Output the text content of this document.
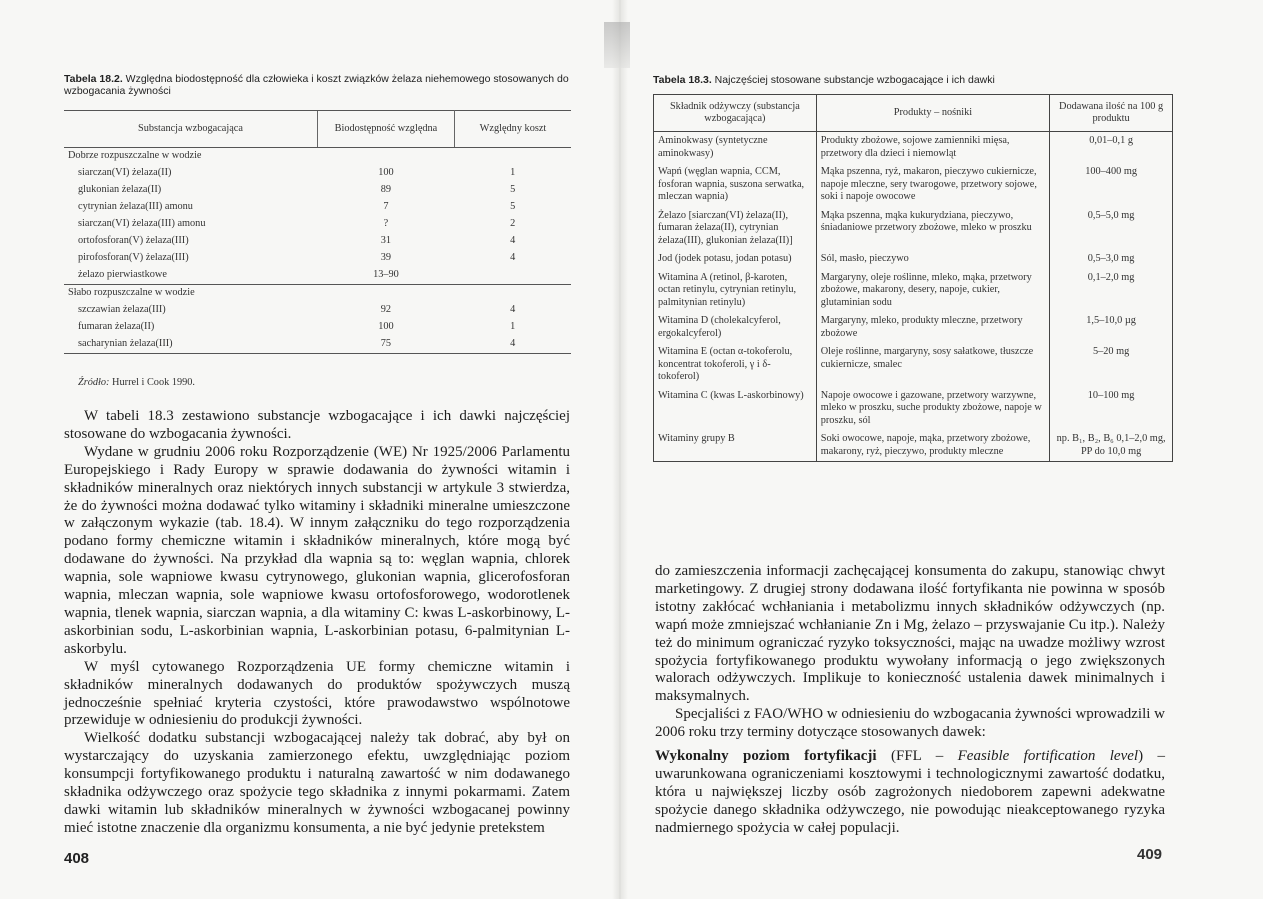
Tabela 18.2. Względna biodostępność dla człowieka i koszt związków żelaza niehemowego stosowanych do wzbogacania żywności
Substancja wzbogacająca	Biodostępność względna	Względny koszt
Dobrze rozpuszczalne w wodzie		
siarczan(VI) żelaza(II)	100	1
glukonian żelaza(II)	89	5
cytrynian żelaza(III) amonu	7	5
siarczan(VI) żelaza(III) amonu	?	2
ortofosforan(V) żelaza(III)	31	4
pirofosforan(V) żelaza(III)	39	4
żelazo pierwiastkowe	13–90	
Słabo rozpuszczalne w wodzie		
szczawian żelaza(III)	92	4
fumaran żelaza(II)	100	1
sacharynian żelaza(III)	75	4
Źródło: Hurrel i Cook 1990.

W tabeli 18.3 zestawiono substancje wzbogacające i ich dawki najczęściej stosowane do wzbogacania żywności.

Wydane w grudniu 2006 roku Rozporządzenie (WE) Nr 1925/2006 Parlamentu Europejskiego i Rady Europy w sprawie dodawania do żywności witamin i składników mineralnych oraz niektórych innych substancji w artykule 3 stwierdza, że do żywności można dodawać tylko witaminy i składniki mineralne umieszczone w załączonym wykazie (tab. 18.4). W innym załączniku do tego rozporządzenia podano formy chemiczne witamin i składników mineralnych, które mogą być dodawane do żywności. Na przykład dla wapnia są to: węglan wapnia, chlorek wapnia, sole wapniowe kwasu cytrynowego, glukonian wapnia, glicerofosforan wapnia, mleczan wapnia, sole wapniowe kwasu ortofosforowego, wodorotlenek wapnia, tlenek wapnia, siarczan wapnia, a dla witaminy C: kwas L-askorbinowy, L-askorbinian sodu, L-askorbinian wapnia, L-askorbinian potasu, 6-palmitynian L-askorbylu.

W myśl cytowanego Rozporządzenia UE formy chemiczne witamin i składników mineralnych dodawanych do produktów spożywczych muszą jednocześnie spełniać kryteria czystości, które prawodawstwo wspólnotowe przewiduje w odniesieniu do produkcji żywności.

Wielkość dodatku substancji wzbogacającej należy tak dobrać, aby był on wystarczający do uzyskania zamierzonego efektu, uwzględniając poziom konsumpcji fortyfikowanego produktu i naturalną zawartość w nim dodawanego składnika odżywczego oraz spożycie tego składnika z innymi pokarmami. Zatem dawki witamin lub składników mineralnych w żywności wzbogacanej powinny mieć istotne znaczenie dla organizmu konsumenta, a nie być jedynie pretekstem

408
Tabela 18.3. Najczęściej stosowane substancje wzbogacające i ich dawki
Składnik odżywczy (substancja wzbogacająca)	Produkty – nośniki	Dodawana ilość na 100 g produktu
Aminokwasy (syntetyczne aminokwasy)	Produkty zbożowe, sojowe zamienniki mięsa, przetwory dla dzieci i niemowląt	0,01–0,1 g
Wapń (węglan wapnia, CCM, fosforan wapnia, suszona serwatka, mleczan wapnia)	Mąka pszenna, ryż, makaron, pieczywo cukiernicze, napoje mleczne, sery twarogowe, przetwory sojowe, soki i napoje owocowe	100–400 mg
Żelazo [siarczan(VI) żelaza(II), fumaran żelaza(II), cytrynian żelaza(III), glukonian żelaza(II)]	Mąka pszenna, mąka kukurydziana, pieczywo, śniadaniowe przetwory zbożowe, mleko w proszku	0,5–5,0 mg
Jod (jodek potasu, jodan potasu)	Sól, masło, pieczywo	0,5–3,0 mg
Witamina A (retinol, β-karoten, octan retinylu, cytrynian retinylu, palmitynian retinylu)	Margaryny, oleje roślinne, mleko, mąka, przetwory zbożowe, makarony, desery, napoje, cukier, glutaminian sodu	0,1–2,0 mg
Witamina D (cholekalcyferol, ergokalcyferol)	Margaryny, mleko, produkty mleczne, przetwory zbożowe	1,5–10,0 µg
Witamina E (octan α-tokoferolu, koncentrat tokoferoli, γ i δ-tokoferol)	Oleje roślinne, margaryny, sosy sałatkowe, tłuszcze cukiernicze, smalec	5–20 mg
Witamina C (kwas L-askorbinowy)	Napoje owocowe i gazowane, przetwory warzywne, mleko w proszku, suche produkty zbożowe, napoje w proszku, sól	10–100 mg
Witaminy grupy B	Soki owocowe, napoje, mąka, przetwory zbożowe, makarony, ryż, pieczywo, produkty mleczne	np. B₁, B₂, B₆ 0,1–2,0 mg, PP do 10,0 mg

do zamieszczenia informacji zachęcającej konsumenta do zakupu, stanowiąc chwyt marketingowy. Z drugiej strony dodawana ilość fortyfikanta nie powinna w sposób istotny zakłócać wchłaniania i metabolizmu innych składników odżywczych (np. wapń może zmniejszać wchłanianie Zn i Mg, żelazo – przyswajanie Cu itp.). Należy też do minimum ograniczać ryzyko toksyczności, mając na uwadze możliwy wzrost spożycia fortyfikowanego produktu wywołany informacją o jego zwiększonych walorach odżywczych. Implikuje to konieczność ustalenia dawek minimalnych i maksymalnych.

Specjaliści z FAO/WHO w odniesieniu do wzbogacania żywności wprowadzili w 2006 roku trzy terminy dotyczące stosowanych dawek:

Wykonalny poziom fortyfikacji (FFL – Feasible fortification level) – uwarunkowana ograniczeniami kosztowymi i technologicznymi zawartość dodatku, która u największej liczby osób zagrożonych niedoborem zapewni adekwatne spożycie danego składnika odżywczego, nie powodując nieakceptowanego ryzyka nadmiernego spożycia w całej populacji.

409
